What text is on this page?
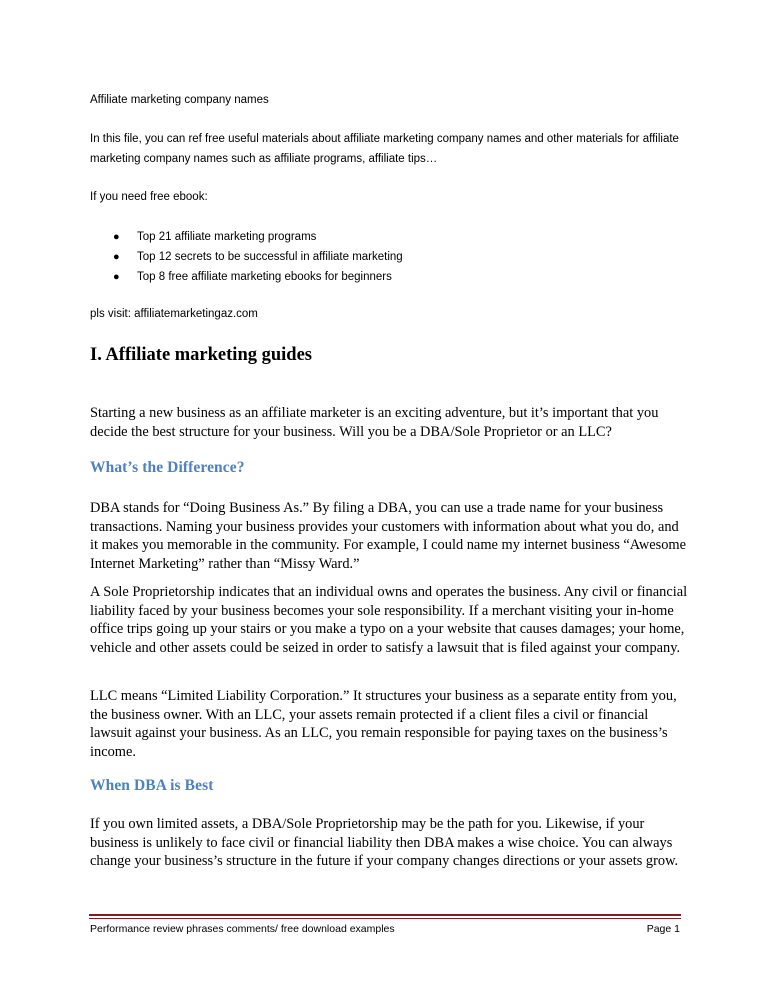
Affiliate marketing company names
In this file, you can ref free useful materials about affiliate marketing company names and other materials for affiliate marketing company names such as affiliate programs, affiliate tips…
If you need free ebook:
● Top 21 affiliate marketing programs
● Top 12 secrets to be successful in affiliate marketing
● Top 8 free affiliate marketing ebooks for beginners
pls visit: affiliatemarketingaz.com
I. Affiliate marketing guides
Starting a new business as an affiliate marketer is an exciting adventure, but it’s important that you decide the best structure for your business. Will you be a DBA/Sole Proprietor or an LLC?
What’s the Difference?
DBA stands for “Doing Business As.” By filing a DBA, you can use a trade name for your business transactions. Naming your business provides your customers with information about what you do, and it makes you memorable in the community. For example, I could name my internet business “Awesome Internet Marketing” rather than “Missy Ward.”
A Sole Proprietorship indicates that an individual owns and operates the business. Any civil or financial liability faced by your business becomes your sole responsibility. If a merchant visiting your in-home office trips going up your stairs or you make a typo on a your website that causes damages; your home, vehicle and other assets could be seized in order to satisfy a lawsuit that is filed against your company.
LLC means “Limited Liability Corporation.” It structures your business as a separate entity from you, the business owner. With an LLC, your assets remain protected if a client files a civil or financial lawsuit against your business. As an LLC, you remain responsible for paying taxes on the business’s income.
When DBA is Best
If you own limited assets, a DBA/Sole Proprietorship may be the path for you. Likewise, if your business is unlikely to face civil or financial liability then DBA makes a wise choice. You can always change your business’s structure in the future if your company changes directions or your assets grow.
Performance review phrases comments/ free download examples	Page 1
